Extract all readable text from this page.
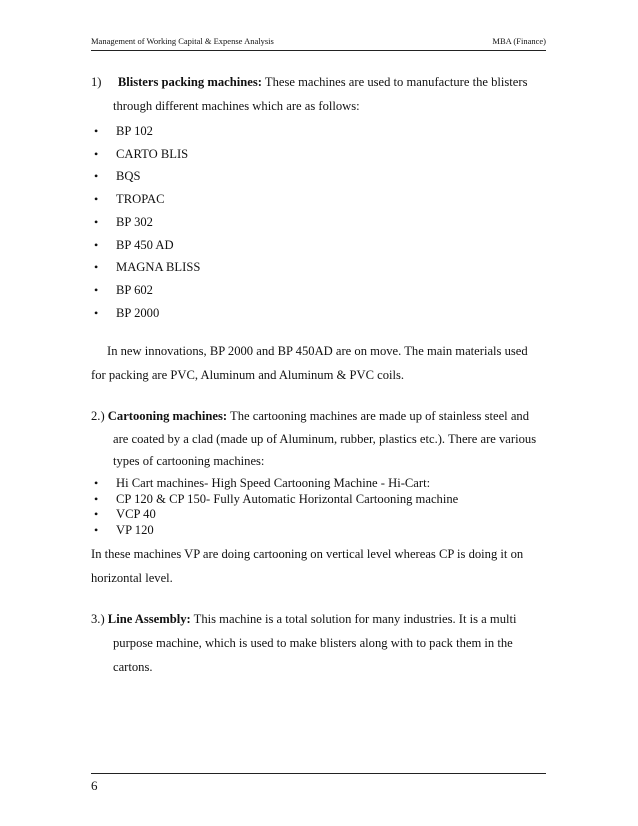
Management of Working Capital & Expense Analysis	MBA (Finance)
1) Blisters packing machines: These machines are used to manufacture the blisters
through different machines which are as follows:
• BP 102
• CARTO BLIS
• BQS
• TROPAC
• BP 302
• BP 450 AD
• MAGNA BLISS
• BP 602
• BP 2000
In new innovations, BP 2000 and BP 450AD are on move. The main materials used
for packing are PVC, Aluminum and Aluminum & PVC coils.
2.) Cartooning machines: The cartooning machines are made up of stainless steel and
are coated by a clad (made up of Aluminum, rubber, plastics etc.). There are various
types of cartooning machines:
• Hi Cart machines- High Speed Cartooning Machine - Hi-Cart:
• CP 120 & CP 150- Fully Automatic Horizontal Cartooning machine
• VCP 40
• VP 120
In these machines VP are doing cartooning on vertical level whereas CP is doing it on
horizontal level.
3.) Line Assembly: This machine is a total solution for many industries. It is a multi
purpose machine, which is used to make blisters along with to pack them in the
cartons.
6
